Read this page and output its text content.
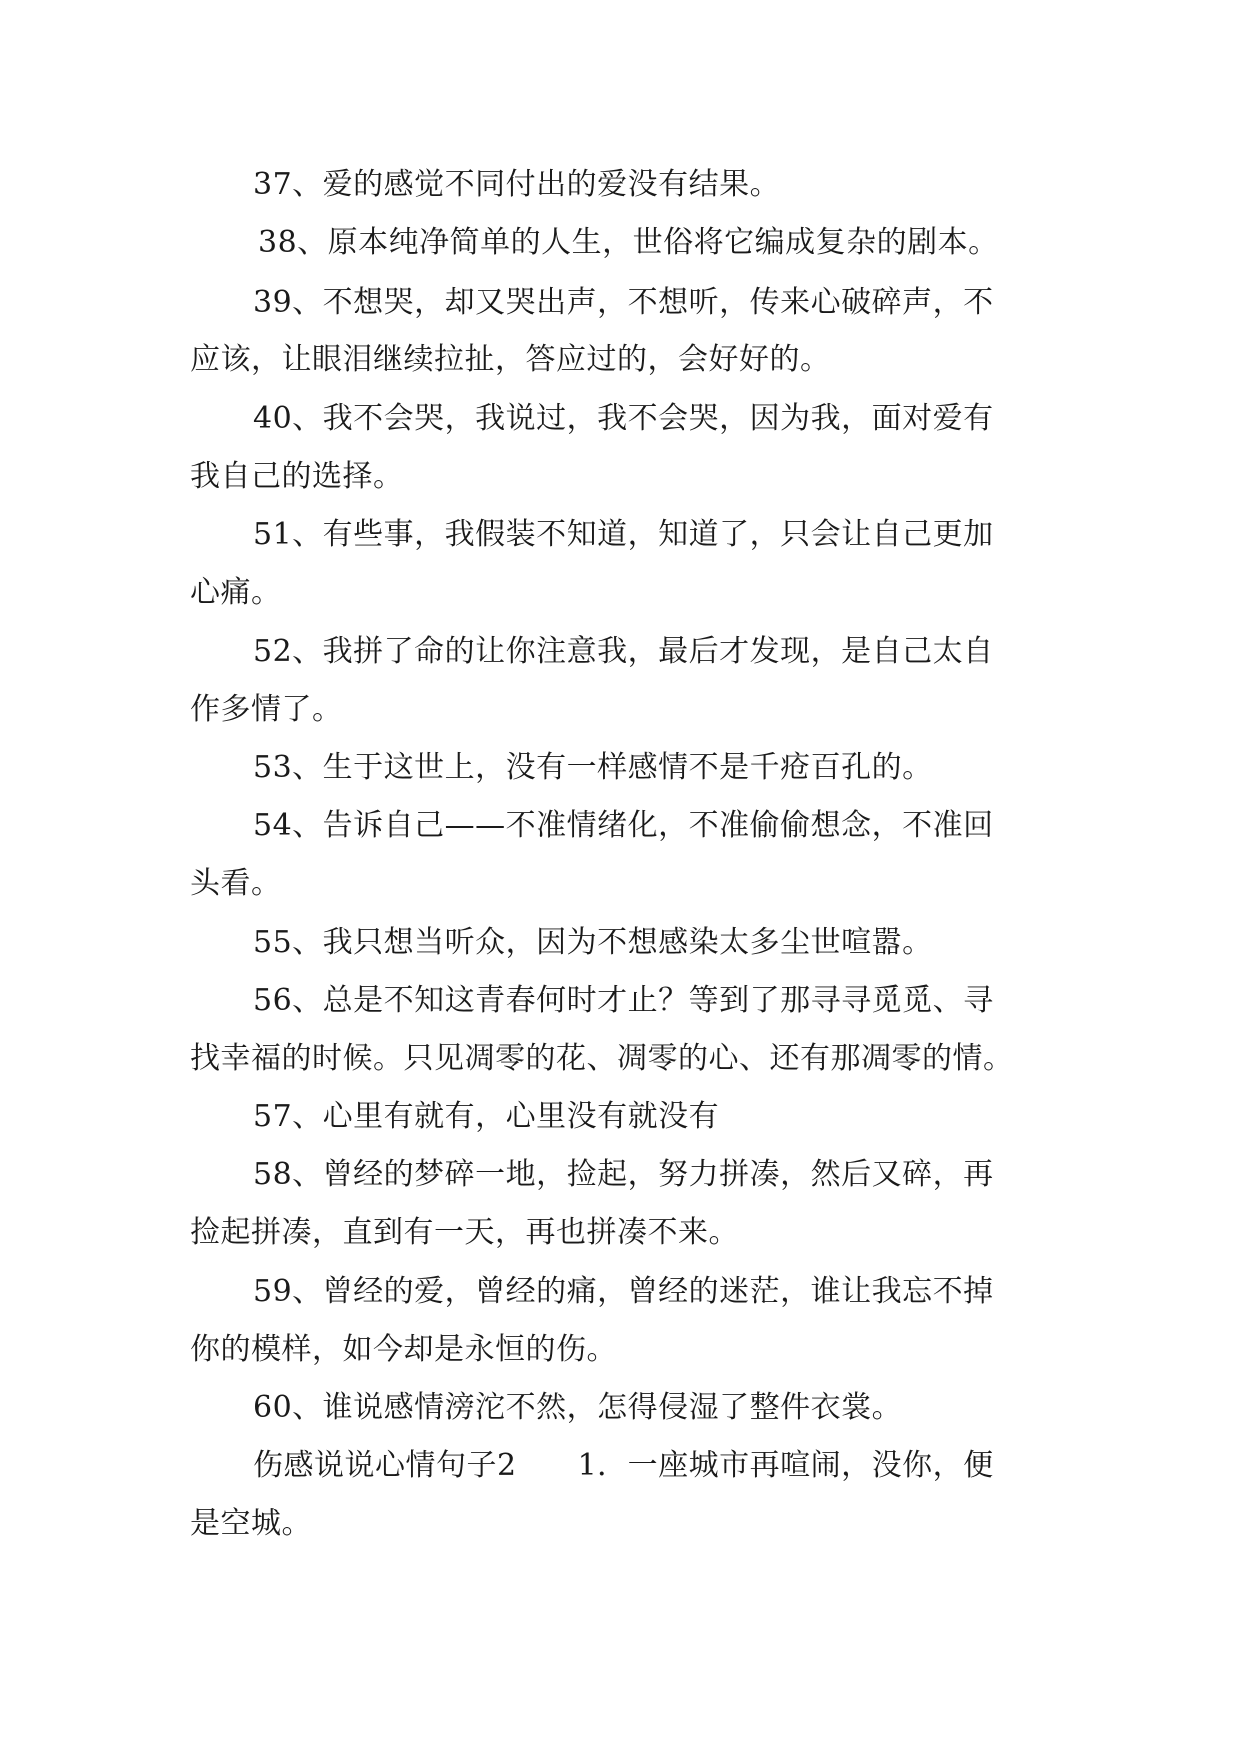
37、爱的感觉不同付出的爱没有结果。
38、原本纯净简单的人生，世俗将它编成复杂的剧本。
39、不想哭，却又哭出声，不想听，传来心破碎声，不
应该，让眼泪继续拉扯，答应过的，会好好的。
40、我不会哭，我说过，我不会哭，因为我，面对爱有
我自己的选择。
51、有些事，我假装不知道，知道了，只会让自己更加
心痛。
52、我拼了命的让你注意我，最后才发现，是自己太自
作多情了。
53、生于这世上，没有一样感情不是千疮百孔的。
54、告诉自己——不准情绪化，不准偷偷想念，不准回
头看。
55、我只想当听众，因为不想感染太多尘世喧嚣。
56、总是不知这青春何时才止？等到了那寻寻觅觅、寻
找幸福的时候。只见凋零的花、凋零的心、还有那凋零的情。
57、心里有就有，心里没有就没有
58、曾经的梦碎一地，捡起，努力拼凑，然后又碎，再
捡起拼凑，直到有一天，再也拼凑不来。
59、曾经的爱，曾经的痛，曾经的迷茫，谁让我忘不掉
你的模样，如今却是永恒的伤。
60、谁说感情滂沱不然，怎得侵湿了整件衣裳。
伤感说说心情句子2　　1．一座城市再喧闹，没你，便
是空城。
